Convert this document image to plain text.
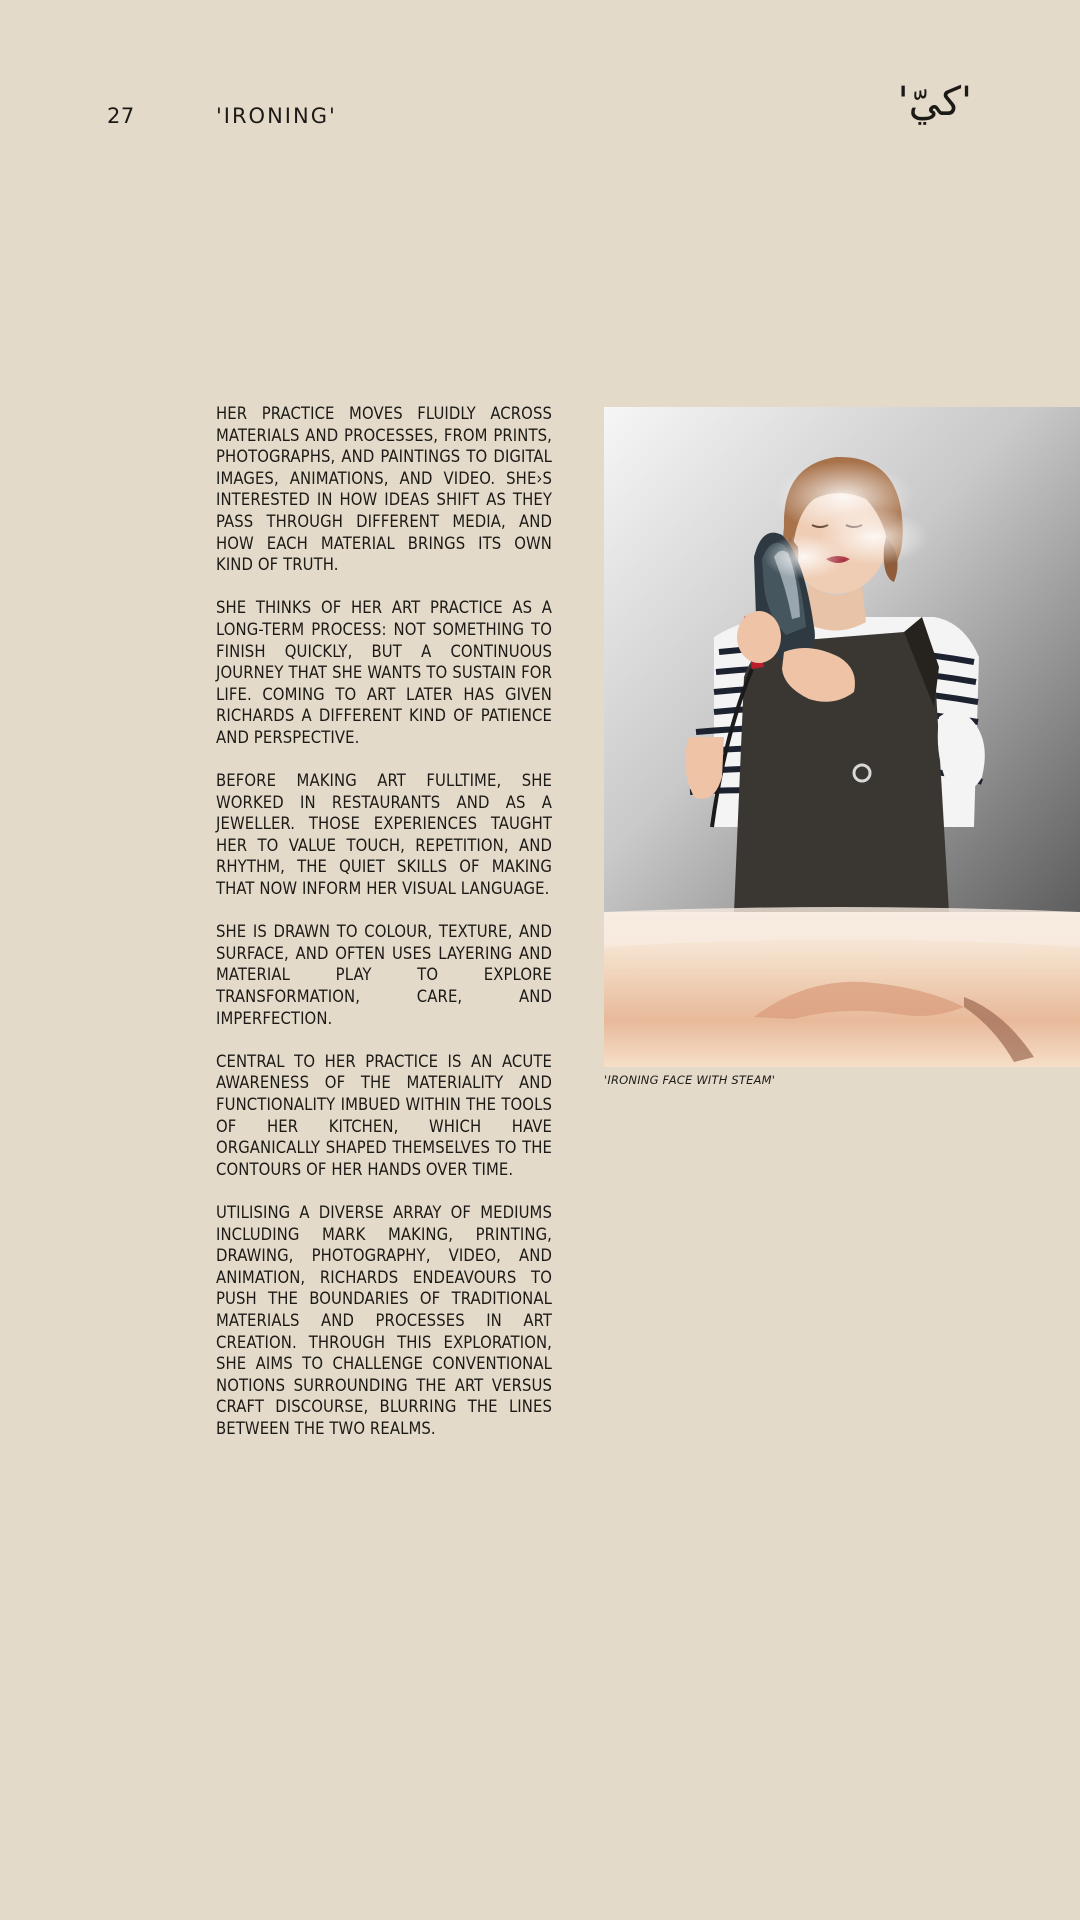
27	'IRONING'	'كيّ'

HER PRACTICE MOVES FLUIDLY ACROSS MATERIALS AND PROCESSES, FROM PRINTS, PHOTOGRAPHS, AND PAINTINGS TO DIGITAL IMAGES, ANIMATIONS, AND VIDEO. SHE›S INTERESTED IN HOW IDEAS SHIFT AS THEY PASS THROUGH DIFFERENT MEDIA, AND HOW EACH MATERIAL BRINGS ITS OWN KIND OF TRUTH.

SHE THINKS OF HER ART PRACTICE AS A LONG-TERM PROCESS: NOT SOMETHING TO FINISH QUICKLY, BUT A CONTINUOUS JOURNEY THAT SHE WANTS TO SUSTAIN FOR LIFE. COMING TO ART LATER HAS GIVEN RICHARDS A DIFFERENT KIND OF PATIENCE AND PERSPECTIVE.

BEFORE MAKING ART FULLTIME, SHE WORKED IN RESTAURANTS AND AS A JEWELLER. THOSE EXPERIENCES TAUGHT HER TO VALUE TOUCH, REPETITION, AND RHYTHM, THE QUIET SKILLS OF MAKING THAT NOW INFORM HER VISUAL LANGUAGE.

SHE IS DRAWN TO COLOUR, TEXTURE, AND SURFACE, AND OFTEN USES LAYERING AND MATERIAL PLAY TO EXPLORE TRANSFORMATION, CARE, AND IMPERFECTION.

CENTRAL TO HER PRACTICE IS AN ACUTE AWARENESS OF THE MATERIALITY AND FUNCTIONALITY IMBUED WITHIN THE TOOLS OF HER KITCHEN, WHICH HAVE ORGANICALLY SHAPED THEMSELVES TO THE CONTOURS OF HER HANDS OVER TIME.

UTILISING A DIVERSE ARRAY OF MEDIUMS INCLUDING MARK MAKING, PRINTING, DRAWING, PHOTOGRAPHY, VIDEO, AND ANIMATION, RICHARDS ENDEAVOURS TO PUSH THE BOUNDARIES OF TRADITIONAL MATERIALS AND PROCESSES IN ART CREATION. THROUGH THIS EXPLORATION, SHE AIMS TO CHALLENGE CONVENTIONAL NOTIONS SURROUNDING THE ART VERSUS CRAFT DISCOURSE, BLURRING THE LINES BETWEEN THE TWO REALMS.

'IRONING FACE WITH STEAM'
